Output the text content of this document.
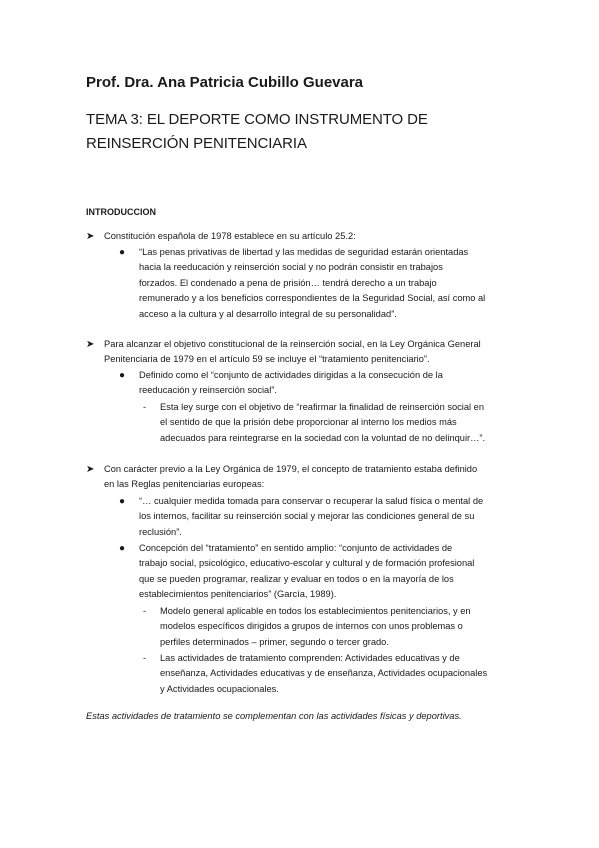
Prof. Dra. Ana Patricia Cubillo Guevara
TEMA 3: EL DEPORTE COMO INSTRUMENTO DE
REINSERCIÓN PENITENCIARIA
INTRODUCCION
➤	Constitución española de 1978 establece en su artículo 25.2:
● “Las penas privativas de libertad y las medidas de seguridad estarán orientadas
hacia la reeducación y reinserción social y no podrán consistir en trabajos
forzados. El condenado a pena de prisión… tendrá derecho a un trabajo
remunerado y a los beneficios correspondientes de la Seguridad Social, así como al
acceso a la cultura y al desarrollo integral de su personalidad”.
➤	Para alcanzar el objetivo constitucional de la reinserción social, en la Ley Orgánica General
Penitenciaria de 1979 en el artículo 59 se incluye el “tratamiento penitenciario”.
● Definido como el “conjunto de actividades dirigidas a la consecución de la
reeducación y reinserción social”.
- Esta ley surge con el objetivo de “reafirmar la finalidad de reinserción social en
el sentido de que la prisión debe proporcionar al interno los medios más
adecuados para reintegrarse en la sociedad con la voluntad de no delinquir…”.
➤	Con carácter previo a la Ley Orgánica de 1979, el concepto de tratamiento estaba definido
en las Reglas penitenciarias europeas:
● “… cualquier medida tomada para conservar o recuperar la salud física o mental de
los internos, facilitar su reinserción social y mejorar las condiciones general de su
reclusión”.
● Concepción del “tratamiento” en sentido amplio: “conjunto de actividades de
trabajo social, psicológico, educativo-escolar y cultural y de formación profesional
que se pueden programar, realizar y evaluar en todos o en la mayoría de los
establecimientos penitenciarios” (García, 1989).
- Modelo general aplicable en todos los establecimientos penitenciarios, y en
modelos específicos dirigidos a grupos de internos con unos problemas o
perfiles determinados – primer, segundo o tercer grado.
- Las actividades de tratamiento comprenden: Actividades educativas y de
enseñanza, Actividades educativas y de enseñanza, Actividades ocupacionales
y Actividades ocupacionales.
Estas actividades de tratamiento se complementan con las actividades físicas y deportivas.
